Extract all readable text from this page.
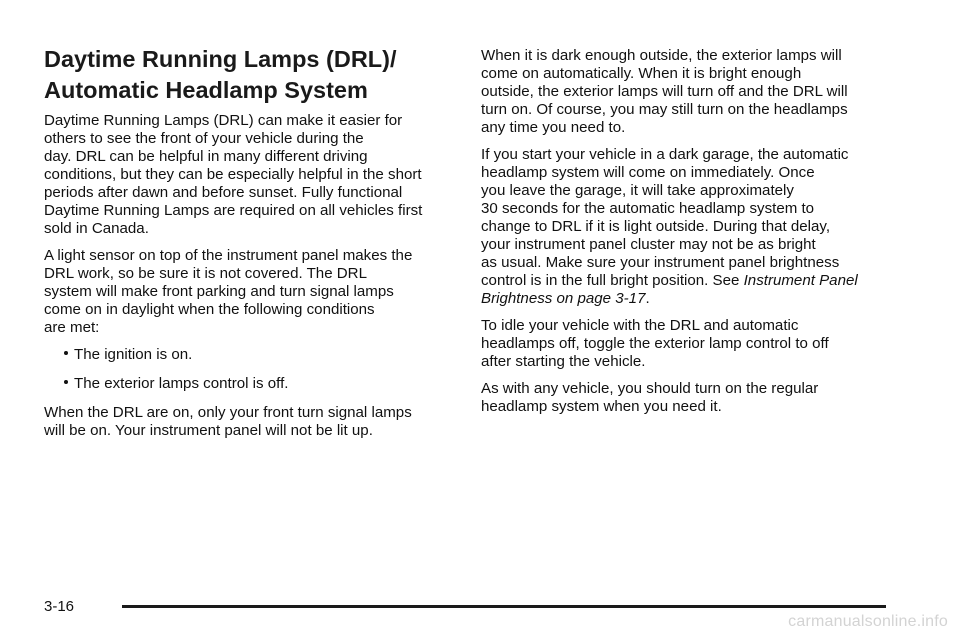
Daytime Running Lamps (DRL)/
Automatic Headlamp System

Daytime Running Lamps (DRL) can make it easier for
others to see the front of your vehicle during the
day. DRL can be helpful in many different driving
conditions, but they can be especially helpful in the short
periods after dawn and before sunset. Fully functional
Daytime Running Lamps are required on all vehicles first
sold in Canada.

A light sensor on top of the instrument panel makes the
DRL work, so be sure it is not covered. The DRL
system will make front parking and turn signal lamps
come on in daylight when the following conditions
are met:

The ignition is on.
The exterior lamps control is off.

When the DRL are on, only your front turn signal lamps
will be on. Your instrument panel will not be lit up.

When it is dark enough outside, the exterior lamps will
come on automatically. When it is bright enough
outside, the exterior lamps will turn off and the DRL will
turn on. Of course, you may still turn on the headlamps
any time you need to.

If you start your vehicle in a dark garage, the automatic
headlamp system will come on immediately. Once
you leave the garage, it will take approximately
30 seconds for the automatic headlamp system to
change to DRL if it is light outside. During that delay,
your instrument panel cluster may not be as bright
as usual. Make sure your instrument panel brightness
control is in the full bright position. See Instrument Panel
Brightness on page 3-17.

To idle your vehicle with the DRL and automatic
headlamps off, toggle the exterior lamp control to off
after starting the vehicle.

As with any vehicle, you should turn on the regular
headlamp system when you need it.

3-16
carmanualsonline.info
